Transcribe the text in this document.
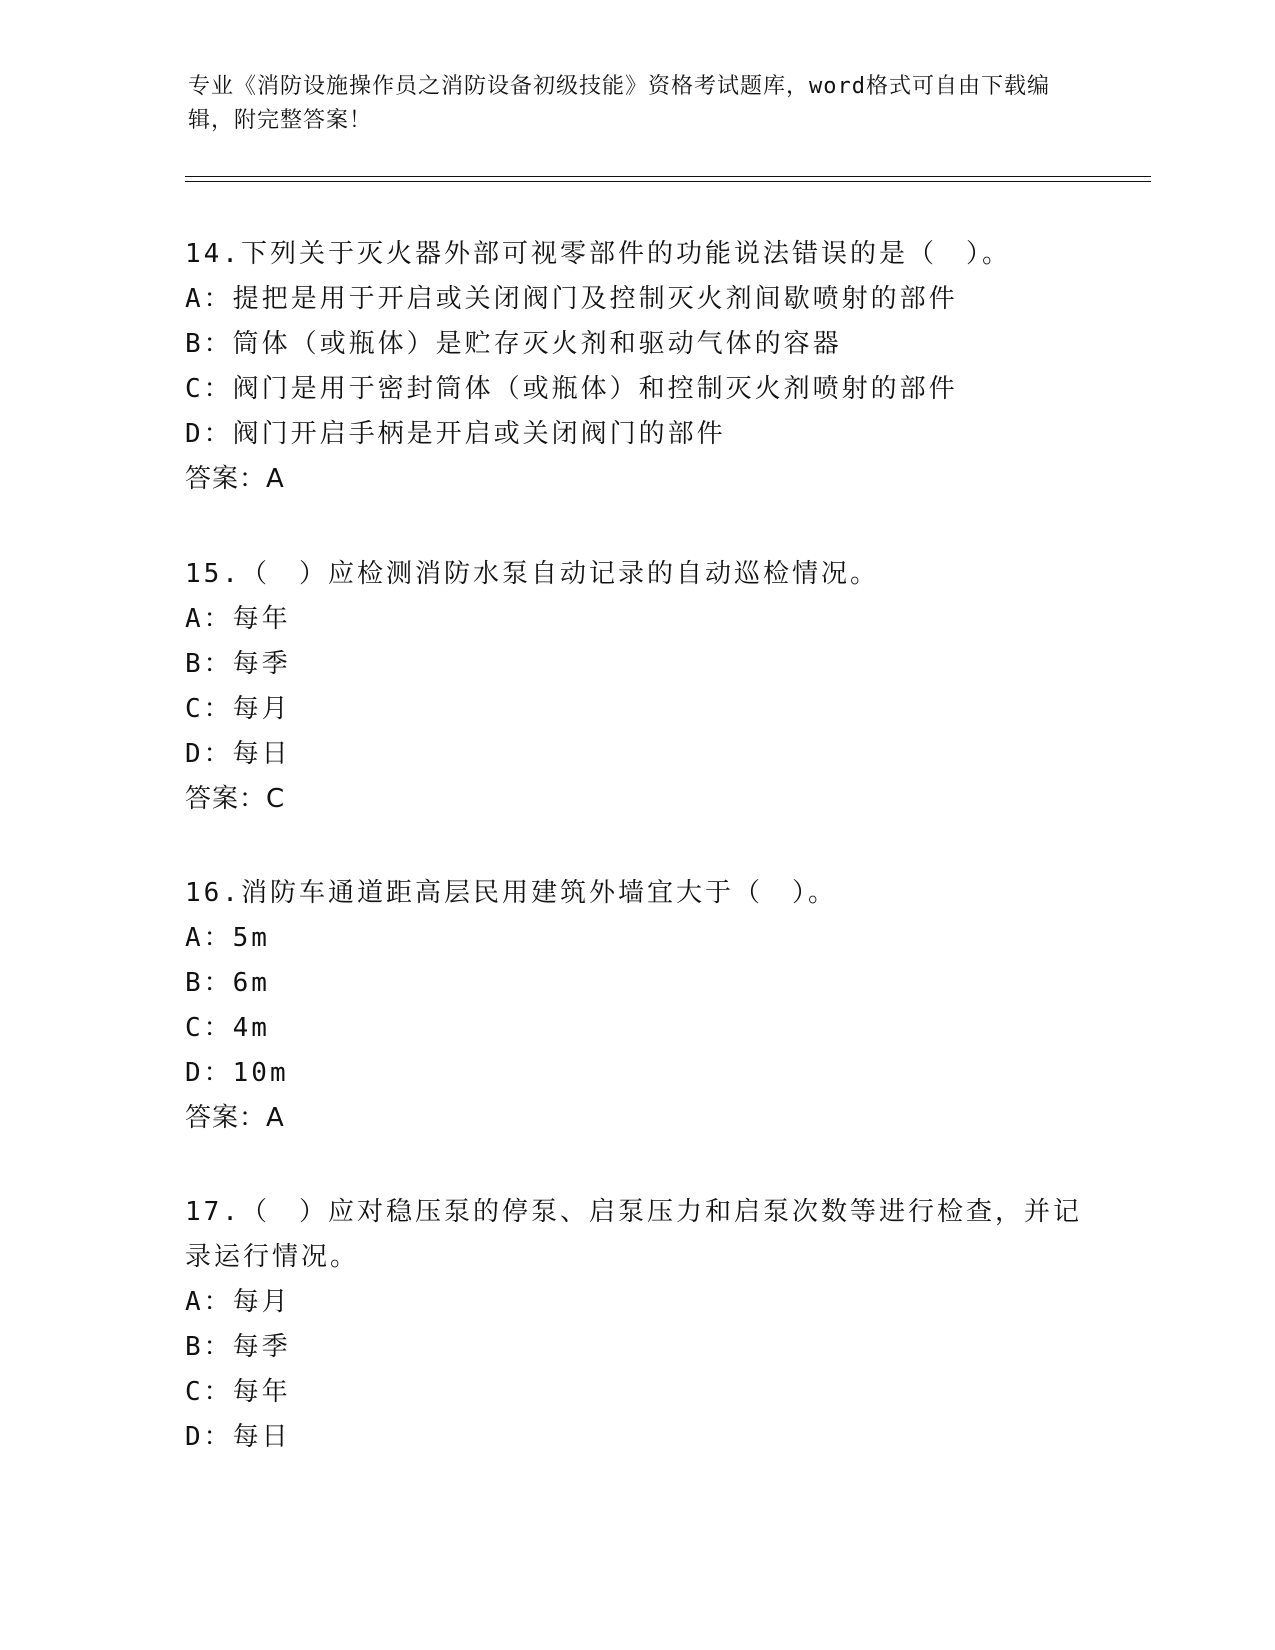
专业《消防设施操作员之消防设备初级技能》资格考试题库，word格式可自由下载编辑，附完整答案！

14.下列关于灭火器外部可视零部件的功能说法错误的是（　）。

A：提把是用于开启或关闭阀门及控制灭火剂间歇喷射的部件

B：筒体（或瓶体）是贮存灭火剂和驱动气体的容器

C：阀门是用于密封筒体（或瓶体）和控制灭火剂喷射的部件

D：阀门开启手柄是开启或关闭阀门的部件

答案：A

15.（　）应检测消防水泵自动记录的自动巡检情况。

A：每年

B：每季

C：每月

D：每日

答案：C

16.消防车通道距高层民用建筑外墙宜大于（　）。

A：5m

B：6m

C：4m

D：10m

答案：A

17.（　）应对稳压泵的停泵、启泵压力和启泵次数等进行检查，并记录运行情况。

A：每月

B：每季

C：每年

D：每日
